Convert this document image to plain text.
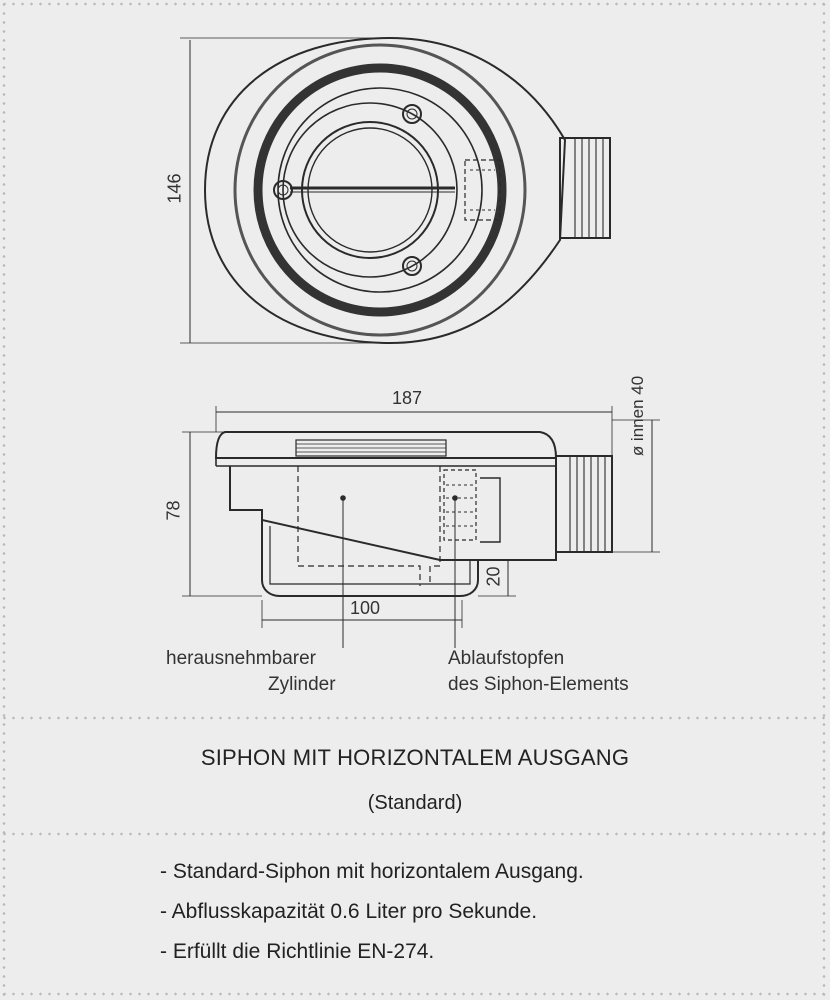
146
187
78
ø innen 40
100
20
herausnehmbarer
Zylinder
Ablaufstopfen
des Siphon-Elements
SIPHON MIT HORIZONTALEM AUSGANG
(Standard)
- Standard-Siphon mit horizontalem Ausgang.
- Abflusskapazität 0.6 Liter pro Sekunde.
- Erfüllt die Richtlinie EN-274.
